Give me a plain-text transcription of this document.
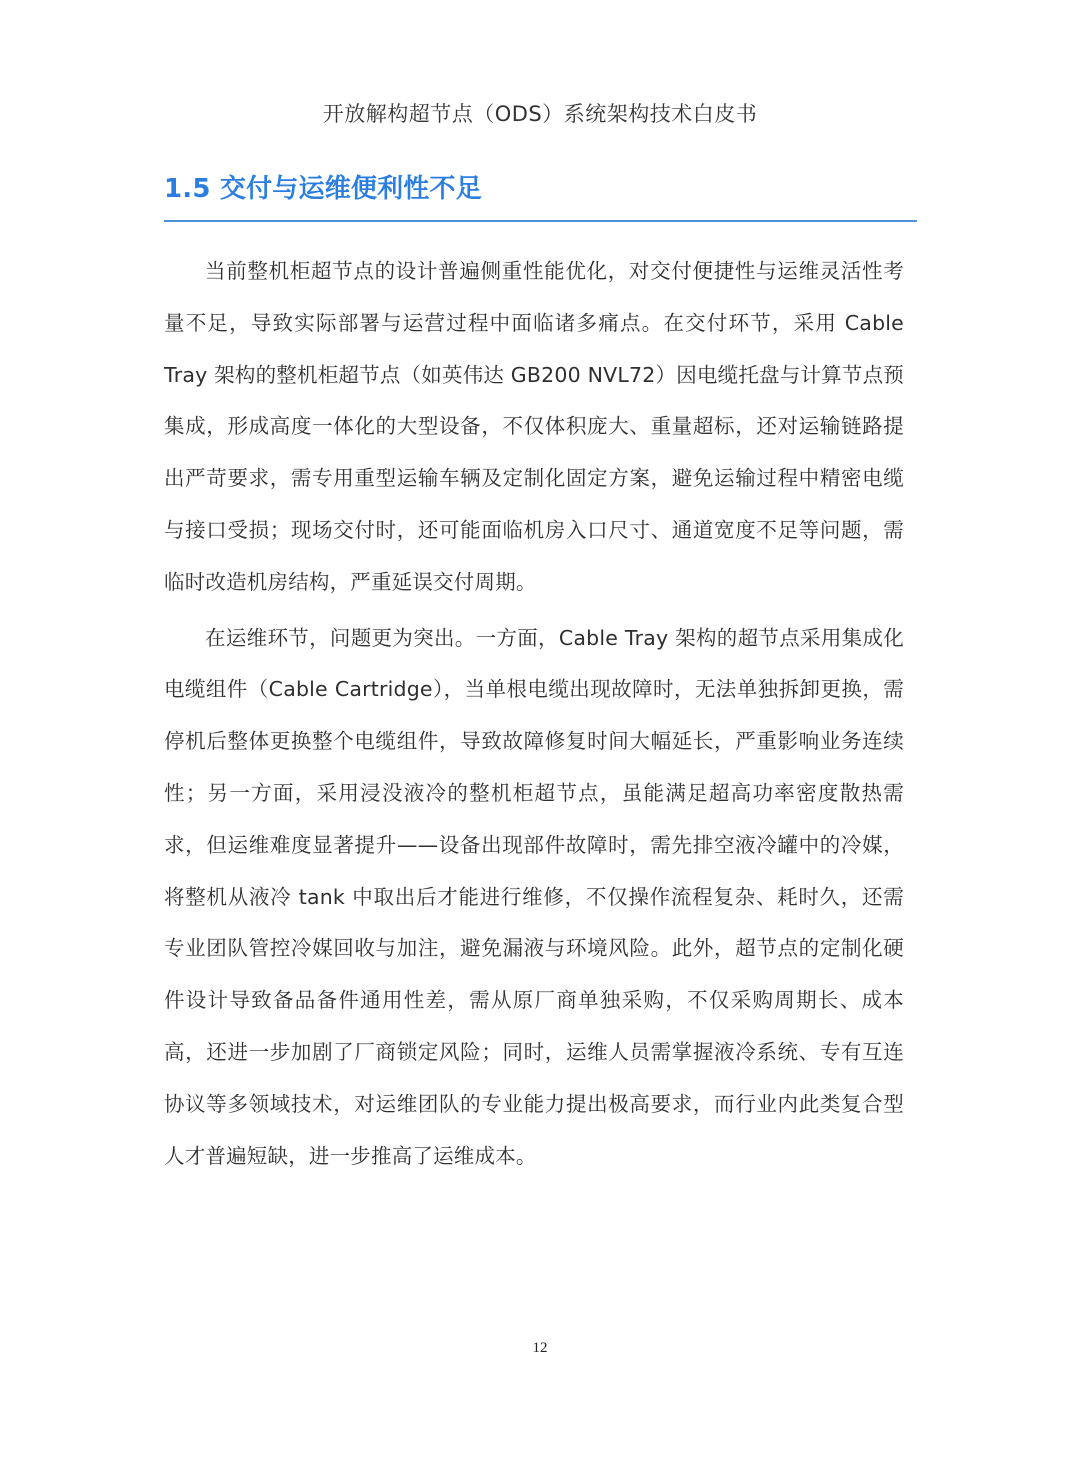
开放解构超节点（ODS）系统架构技术白皮书
1.5 交付与运维便利性不足

当前整机柜超节点的设计普遍侧重性能优化，对交付便捷性与运维灵活性考量不足，导致实际部署与运营过程中面临诸多痛点。在交付环节，采用 Cable Tray 架构的整机柜超节点（如英伟达 GB200 NVL72）因电缆托盘与计算节点预集成，形成高度一体化的大型设备，不仅体积庞大、重量超标，还对运输链路提出严苛要求，需专用重型运输车辆及定制化固定方案，避免运输过程中精密电缆与接口受损；现场交付时，还可能面临机房入口尺寸、通道宽度不足等问题，需临时改造机房结构，严重延误交付周期。

在运维环节，问题更为突出。一方面，Cable Tray 架构的超节点采用集成化电缆组件（Cable Cartridge），当单根电缆出现故障时，无法单独拆卸更换，需停机后整体更换整个电缆组件，导致故障修复时间大幅延长，严重影响业务连续性；另一方面，采用浸没液冷的整机柜超节点，虽能满足超高功率密度散热需求，但运维难度显著提升——设备出现部件故障时，需先排空液冷罐中的冷媒，将整机从液冷 tank 中取出后才能进行维修，不仅操作流程复杂、耗时久，还需专业团队管控冷媒回收与加注，避免漏液与环境风险。此外，超节点的定制化硬件设计导致备品备件通用性差，需从原厂商单独采购，不仅采购周期长、成本高，还进一步加剧了厂商锁定风险；同时，运维人员需掌握液冷系统、专有互连协议等多领域技术，对运维团队的专业能力提出极高要求，而行业内此类复合型人才普遍短缺，进一步推高了运维成本。

12
